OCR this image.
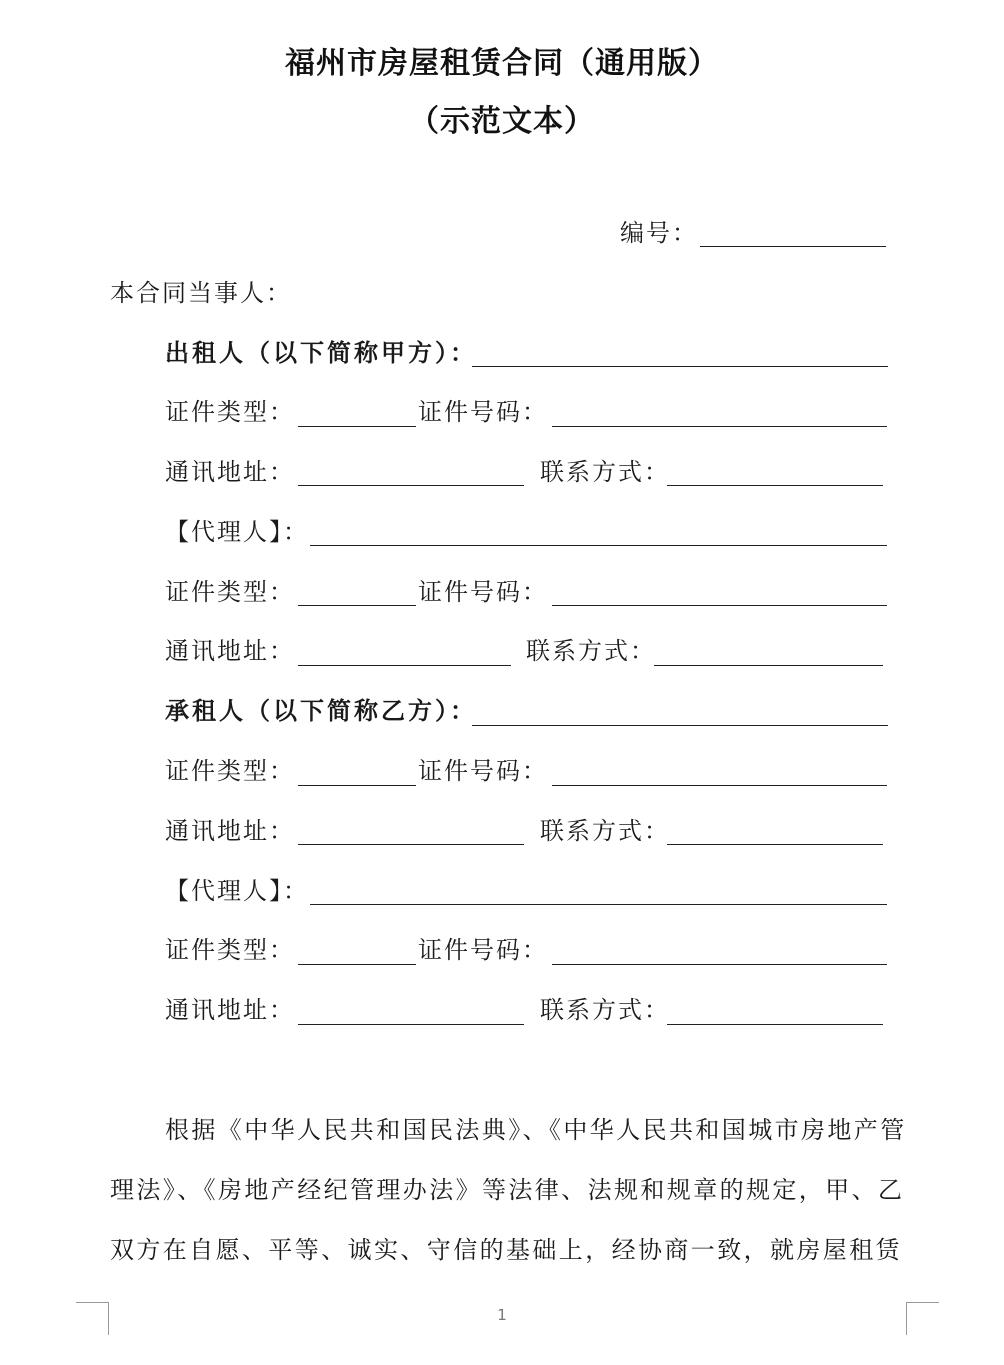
福州市房屋租赁合同（通用版）
（示范文本）
编号：
本合同当事人：
出租人（以下简称甲方）：
证件类型：	证件号码：
通讯地址：	联系方式：
【代理人】：
证件类型：	证件号码：
通讯地址：	联系方式：
承租人（以下简称乙方）：
证件类型：	证件号码：
通讯地址：	联系方式：
【代理人】：
证件类型：	证件号码：
通讯地址：	联系方式：
根据《中华人民共和国民法典》、《中华人民共和国城市房地产管
理法》、《房地产经纪管理办法》等法律、法规和规章的规定，甲、乙
双方在自愿、平等、诚实、守信的基础上，经协商一致，就房屋租赁
1
